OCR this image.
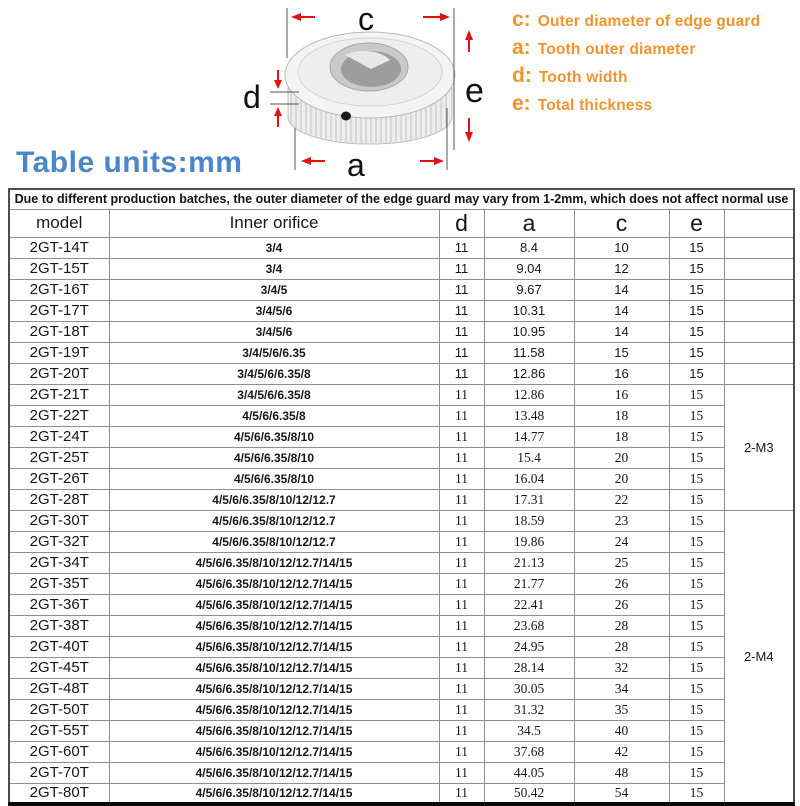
c
d	e
a
c: Outer diameter of edge guard
a: Tooth outer diameter
d: Tooth width
e: Total thickness
Table units:mm
Due to different production batches, the outer diameter of the edge guard may vary from 1-2mm, which does not affect normal use						
model	Inner orifice	d	a	c	e	
2GT-14T	3/4	11	8.4	10	15	
2GT-15T	3/4	11	9.04	12	15	
2GT-16T	3/4/5	11	9.67	14	15	
2GT-17T	3/4/5/6	11	10.31	14	15	
2GT-18T	3/4/5/6	11	10.95	14	15	
2GT-19T	3/4/5/6/6.35	11	11.58	15	15	
2GT-20T	3/4/5/6/6.35/8	11	12.86	16	15	
2GT-21T	3/4/5/6/6.35/8	11	12.86	16	15	2-M3
2GT-22T	4/5/6/6.35/8	11	13.48	18	15	
2GT-24T	4/5/6/6.35/8/10	11	14.77	18	15	
2GT-25T	4/5/6/6.35/8/10	11	15.4	20	15	
2GT-26T	4/5/6/6.35/8/10	11	16.04	20	15	
2GT-28T	4/5/6/6.35/8/10/12/12.7	11	17.31	22	15	
2GT-30T	4/5/6/6.35/8/10/12/12.7	11	18.59	23	15	2-M4
2GT-32T	4/5/6/6.35/8/10/12/12.7	11	19.86	24	15	
2GT-34T	4/5/6/6.35/8/10/12/12.7/14/15	11	21.13	25	15	
2GT-35T	4/5/6/6.35/8/10/12/12.7/14/15	11	21.77	26	15	
2GT-36T	4/5/6/6.35/8/10/12/12.7/14/15	11	22.41	26	15	
2GT-38T	4/5/6/6.35/8/10/12/12.7/14/15	11	23.68	28	15	
2GT-40T	4/5/6/6.35/8/10/12/12.7/14/15	11	24.95	28	15	
2GT-45T	4/5/6/6.35/8/10/12/12.7/14/15	11	28.14	32	15	
2GT-48T	4/5/6/6.35/8/10/12/12.7/14/15	11	30.05	34	15	
2GT-50T	4/5/6/6.35/8/10/12/12.7/14/15	11	31.32	35	15	
2GT-55T	4/5/6/6.35/8/10/12/12.7/14/15	11	34.5	40	15	
2GT-60T	4/5/6/6.35/8/10/12/12.7/14/15	11	37.68	42	15	
2GT-70T	4/5/6/6.35/8/10/12/12.7/14/15	11	44.05	48	15	
2GT-80T	4/5/6/6.35/8/10/12/12.7/14/15	11	50.42	54	15	
